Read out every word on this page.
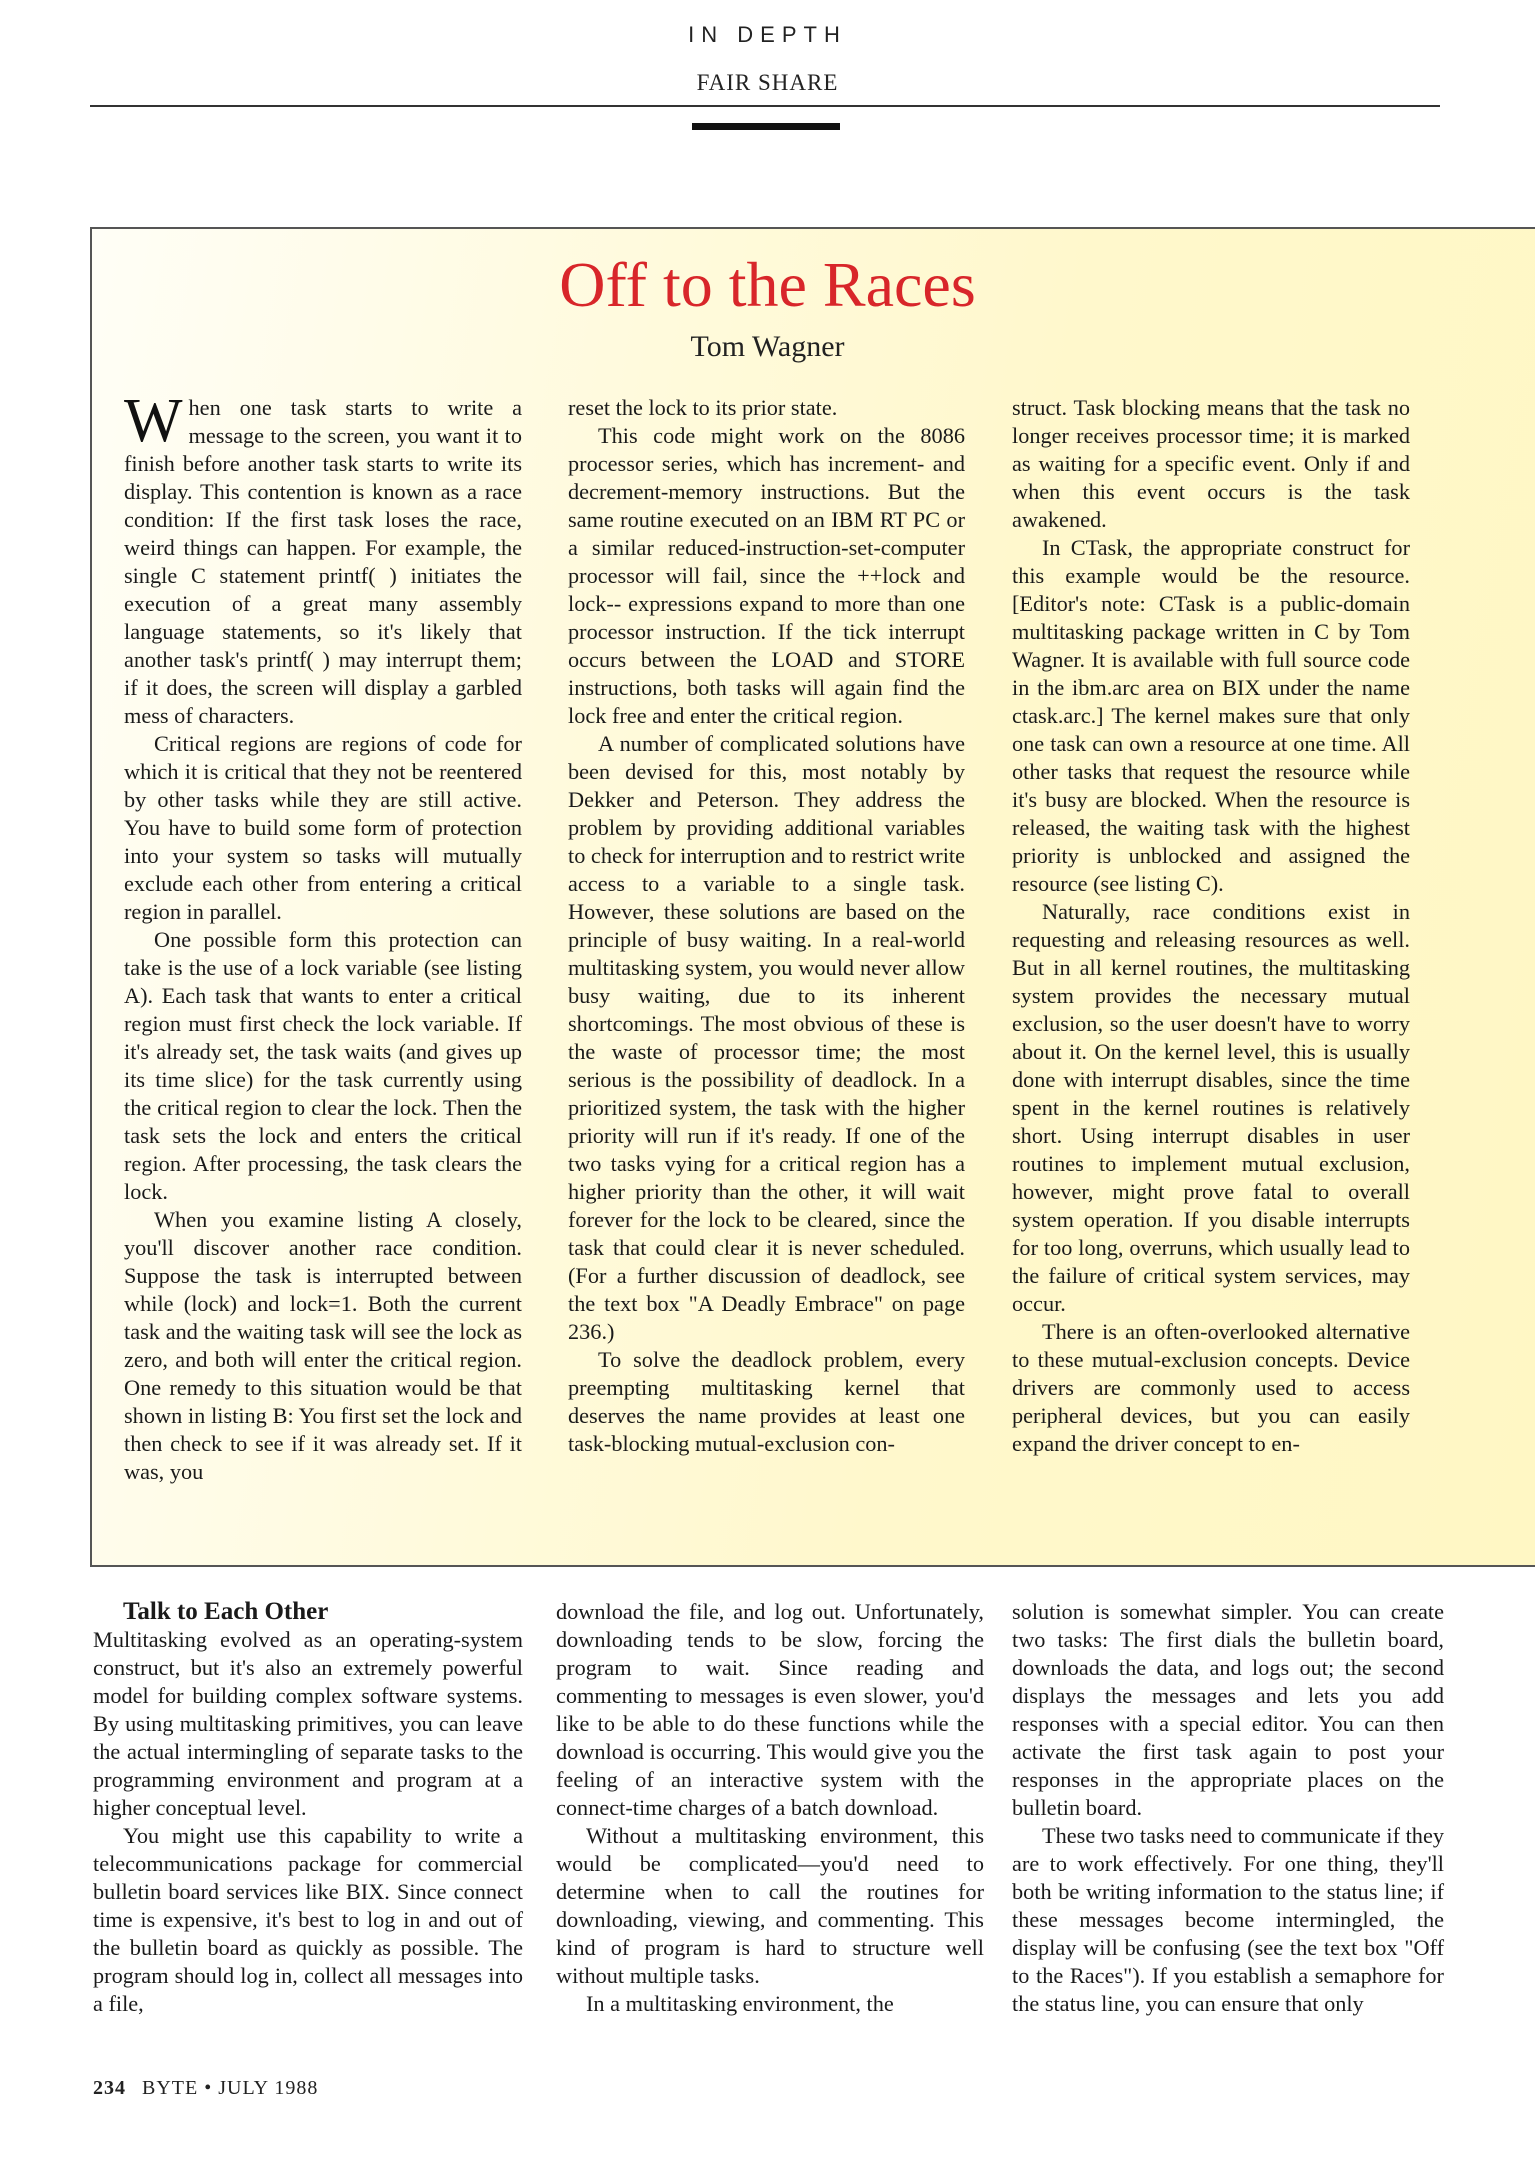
IN DEPTH
FAIR SHARE
Off to the Races
Tom Wagner

When one task starts to write a message to the screen, you want it to finish before another task starts to write its display. This contention is known as a race condition: If the first task loses the race, weird things can happen. For example, the single C statement printf( ) initiates the execution of a great many assembly language statements, so it's likely that another task's printf( ) may interrupt them; if it does, the screen will display a garbled mess of characters.

Critical regions are regions of code for which it is critical that they not be reentered by other tasks while they are still active. You have to build some form of protection into your system so tasks will mutually exclude each other from entering a critical region in parallel.

One possible form this protection can take is the use of a lock variable (see listing A). Each task that wants to enter a critical region must first check the lock variable. If it's already set, the task waits (and gives up its time slice) for the task currently using the critical region to clear the lock. Then the task sets the lock and enters the critical region. After processing, the task clears the lock.

When you examine listing A closely, you'll discover another race condition. Suppose the task is interrupted between while (lock) and lock=1. Both the current task and the waiting task will see the lock as zero, and both will enter the critical region. One remedy to this situation would be that shown in listing B: You first set the lock and then check to see if it was already set. If it was, you

reset the lock to its prior state.

This code might work on the 8086 processor series, which has increment- and decrement-memory instructions. But the same routine executed on an IBM RT PC or a similar reduced-instruction-set-computer processor will fail, since the ++lock and lock-- expressions expand to more than one processor instruction. If the tick interrupt occurs between the LOAD and STORE instructions, both tasks will again find the lock free and enter the critical region.

A number of complicated solutions have been devised for this, most notably by Dekker and Peterson. They address the problem by providing additional variables to check for interruption and to restrict write access to a variable to a single task. However, these solutions are based on the principle of busy waiting. In a real-world multitasking system, you would never allow busy waiting, due to its inherent shortcomings. The most obvious of these is the waste of processor time; the most serious is the possibility of deadlock. In a prioritized system, the task with the higher priority will run if it's ready. If one of the two tasks vying for a critical region has a higher priority than the other, it will wait forever for the lock to be cleared, since the task that could clear it is never scheduled. (For a further discussion of deadlock, see the text box "A Deadly Embrace" on page 236.)

To solve the deadlock problem, every preempting multitasking kernel that deserves the name provides at least one task-blocking mutual-exclusion con-

struct. Task blocking means that the task no longer receives processor time; it is marked as waiting for a specific event. Only if and when this event occurs is the task awakened.

In CTask, the appropriate construct for this example would be the resource. [Editor's note: CTask is a public-domain multitasking package written in C by Tom Wagner. It is available with full source code in the ibm.arc area on BIX under the name ctask.arc.] The kernel makes sure that only one task can own a resource at one time. All other tasks that request the resource while it's busy are blocked. When the resource is released, the waiting task with the highest priority is unblocked and assigned the resource (see listing C).

Naturally, race conditions exist in requesting and releasing resources as well. But in all kernel routines, the multitasking system provides the necessary mutual exclusion, so the user doesn't have to worry about it. On the kernel level, this is usually done with interrupt disables, since the time spent in the kernel routines is relatively short. Using interrupt disables in user routines to implement mutual exclusion, however, might prove fatal to overall system operation. If you disable interrupts for too long, overruns, which usually lead to the failure of critical system services, may occur.

There is an often-overlooked alternative to these mutual-exclusion concepts. Device drivers are commonly used to access peripheral devices, but you can easily expand the driver concept to en-

Talk to Each Other

Multitasking evolved as an operating-system construct, but it's also an extremely powerful model for building complex software systems. By using multitasking primitives, you can leave the actual intermingling of separate tasks to the programming environment and program at a higher conceptual level.

You might use this capability to write a telecommunications package for commercial bulletin board services like BIX. Since connect time is expensive, it's best to log in and out of the bulletin board as quickly as possible. The program should log in, collect all messages into a file,

download the file, and log out. Unfortunately, downloading tends to be slow, forcing the program to wait. Since reading and commenting to messages is even slower, you'd like to be able to do these functions while the download is occurring. This would give you the feeling of an interactive system with the connect-time charges of a batch download.

Without a multitasking environment, this would be complicated—you'd need to determine when to call the routines for downloading, viewing, and commenting. This kind of program is hard to structure well without multiple tasks.

In a multitasking environment, the

solution is somewhat simpler. You can create two tasks: The first dials the bulletin board, downloads the data, and logs out; the second displays the messages and lets you add responses with a special editor. You can then activate the first task again to post your responses in the appropriate places on the bulletin board.

These two tasks need to communicate if they are to work effectively. For one thing, they'll both be writing information to the status line; if these messages become intermingled, the display will be confusing (see the text box "Off to the Races"). If you establish a semaphore for the status line, you can ensure that only

234 BYTE • JULY 1988
